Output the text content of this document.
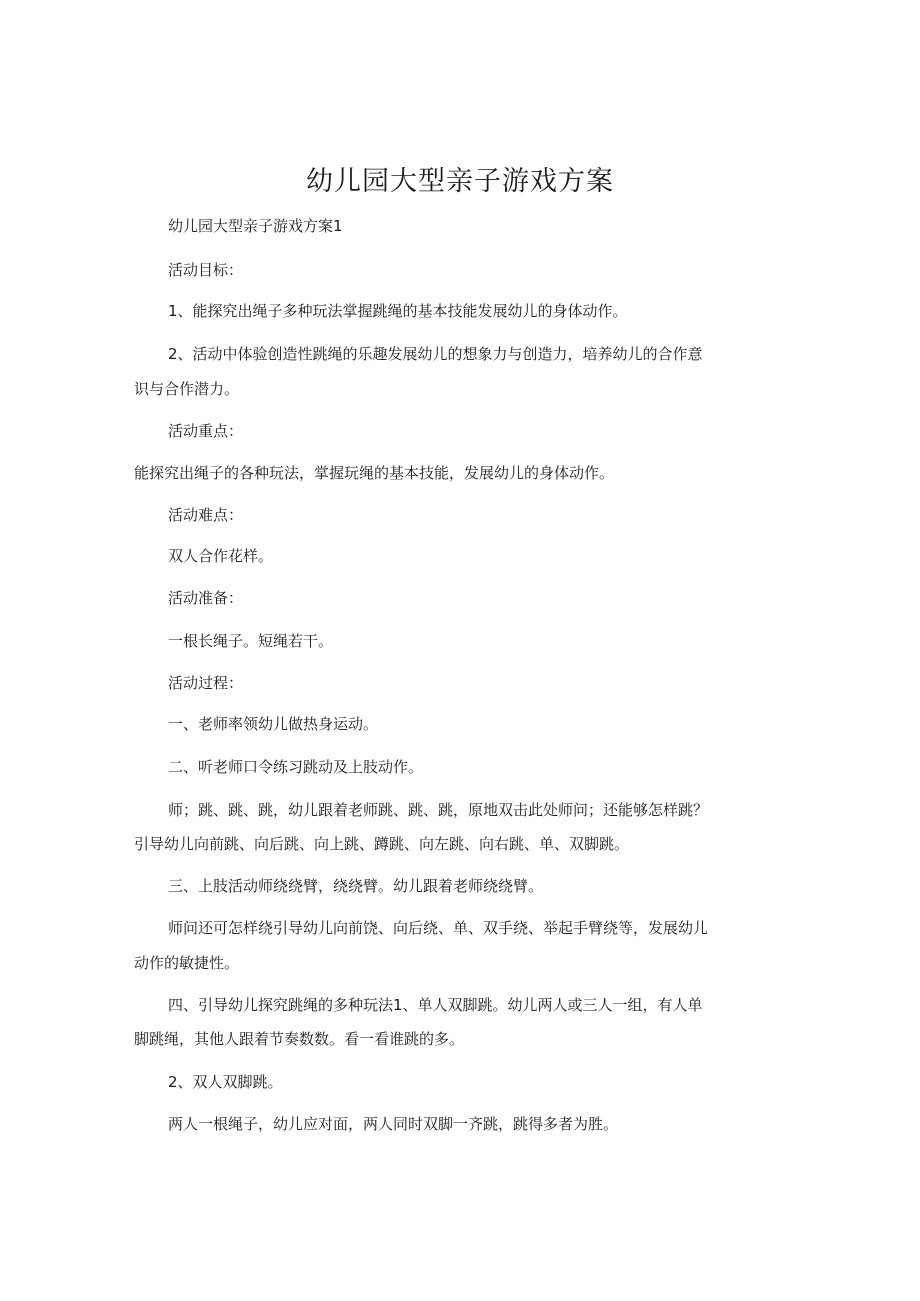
幼儿园大型亲子游戏方案

幼儿园大型亲子游戏方案1

活动目标：

1、能探究出绳子多种玩法掌握跳绳的基本技能发展幼儿的身体动作。

2、活动中体验创造性跳绳的乐趣发展幼儿的想象力与创造力，培养幼儿的合作意

识与合作潜力。

活动重点：

能探究出绳子的各种玩法，掌握玩绳的基本技能，发展幼儿的身体动作。

活动难点：

双人合作花样。

活动准备：

一根长绳子。短绳若干。

活动过程：

一、老师率领幼儿做热身运动。

二、听老师口令练习跳动及上肢动作。

师；跳、跳、跳，幼儿跟着老师跳、跳、跳，原地双击此处师问；还能够怎样跳？

引导幼儿向前跳、向后跳、向上跳、蹲跳、向左跳、向右跳、单、双脚跳。

三、上肢活动师绕绕臂，绕绕臂。幼儿跟着老师绕绕臂。

师问还可怎样绕引导幼儿向前饶、向后绕、单、双手绕、举起手臂绕等，发展幼儿

动作的敏捷性。

四、引导幼儿探究跳绳的多种玩法1、单人双脚跳。幼儿两人或三人一组，有人单

脚跳绳，其他人跟着节奏数数。看一看谁跳的多。

2、双人双脚跳。

两人一根绳子，幼儿应对面，两人同时双脚一齐跳，跳得多者为胜。
